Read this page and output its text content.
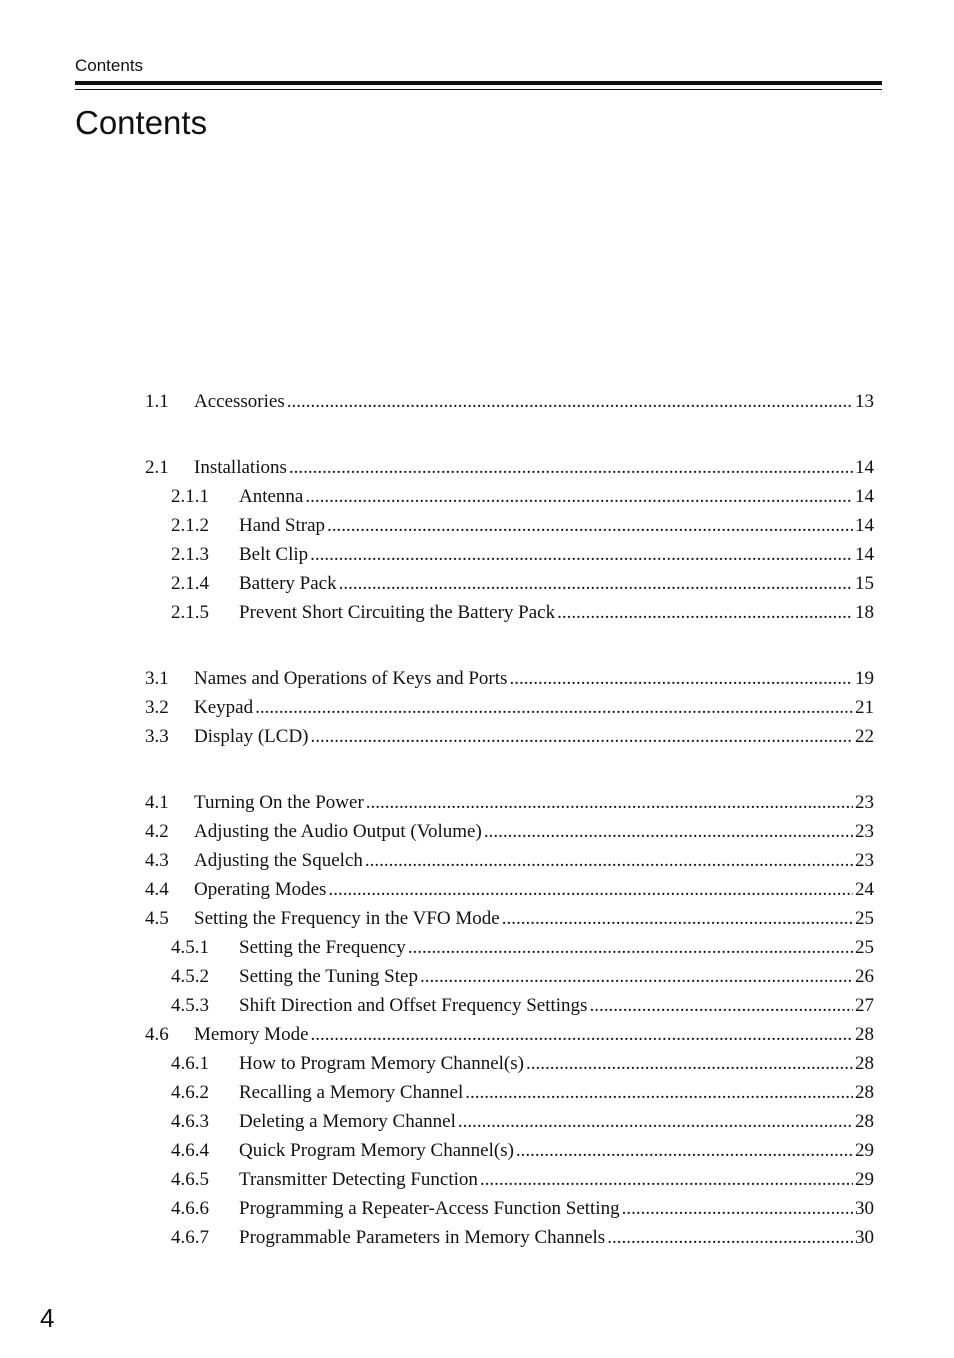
Contents
Contents
1.1	Accessories .....	13
2.1	Installations .....	14
2.1.1	Antenna .....	14
2.1.2	Hand Strap .....	14
2.1.3	Belt Clip .....	14
2.1.4	Battery Pack .....	15
2.1.5	Prevent Short Circuiting the Battery Pack .....	18
3.1	Names and Operations of Keys and Ports .....	19
3.2	Keypad .....	21
3.3	Display (LCD) .....	22
4.1	Turning On the Power .....	23
4.2	Adjusting the Audio Output (Volume) .....	23
4.3	Adjusting the Squelch .....	23
4.4	Operating Modes .....	24
4.5	Setting the Frequency in the VFO Mode .....	25
4.5.1	Setting the Frequency .....	25
4.5.2	Setting the Tuning Step .....	26
4.5.3	Shift Direction and Offset Frequency Settings .....	27
4.6	Memory Mode .....	28
4.6.1	How to Program Memory Channel(s) .....	28
4.6.2	Recalling a Memory Channel .....	28
4.6.3	Deleting a Memory Channel .....	28
4.6.4	Quick Program Memory Channel(s) .....	29
4.6.5	Transmitter Detecting Function .....	29
4.6.6	Programming a Repeater-Access Function Setting .....	30
4.6.7	Programmable Parameters in Memory Channels .....	30
4
